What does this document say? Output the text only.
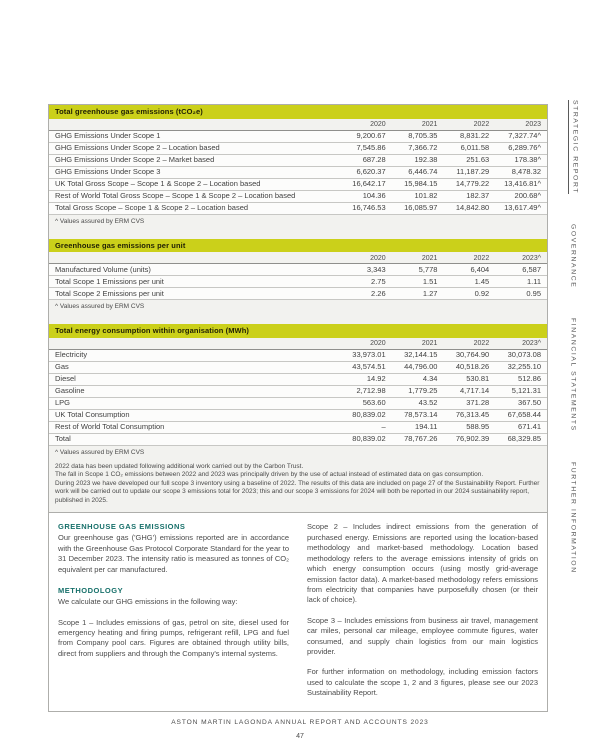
Total greenhouse gas emissions (tCO₂e)
	2020	2021	2022	2023
GHG Emissions Under Scope 1	9,200.67	8,705.35	8,831.22	7,327.74^
GHG Emissions Under Scope 2 – Location based	7,545.86	7,366.72	6,011.58	6,289.76^
GHG Emissions Under Scope 2 – Market based	687.28	192.38	251.63	178.38^
GHG Emissions Under Scope 3	6,620.37	6,446.74	11,187.29	8,478.32
UK Total Gross Scope – Scope 1 & Scope 2 – Location based	16,642.17	15,984.15	14,779.22	13,416.81^
Rest of World Total Gross Scope – Scope 1 & Scope 2 – Location based	104.36	101.82	182.37	200.68^
Total Gross Scope – Scope 1 & Scope 2 – Location based	16,746.53	16,085.97	14,842.80	13,617.49^
^ Values assured by ERM CVS
Greenhouse gas emissions per unit
	2020	2021	2022	2023^
Manufactured Volume (units)	3,343	5,778	6,404	6,587
Total Scope 1 Emissions per unit	2.75	1.51	1.45	1.11
Total Scope 2 Emissions per unit	2.26	1.27	0.92	0.95
^ Values assured by ERM CVS
Total energy consumption within organisation (MWh)
	2020	2021	2022	2023^
Electricity	33,973.01	32,144.15	30,764.90	30,073.08
Gas	43,574.51	44,796.00	40,518.26	32,255.10
Diesel	14.92	4.34	530.81	512.86
Gasoline	2,712.98	1,779.25	4,717.14	5,121.31
LPG	563.60	43.52	371.28	367.50
UK Total Consumption	80,839.02	78,573.14	76,313.45	67,658.44
Rest of World Total Consumption	–	194.11	588.95	671.41
Total	80,839.02	78,767.26	76,902.39	68,329.85
^ Values assured by ERM CVS
2022 data has been updated following additional work carried out by the Carbon Trust.
The fall in Scope 1 CO₂ emissions between 2022 and 2023 was principally driven by the use of actual instead of estimated data on gas consumption.
During 2023 we have developed our full scope 3 inventory using a baseline of 2022. The results of this data are included on page 27 of the Sustainability Report. Further work will be carried out to update our scope 3 emissions total for 2023; this and our scope 3 emissions for 2024 will both be reported in our 2024 sustainability report, published in 2025.
GREENHOUSE GAS EMISSIONS

Our greenhouse gas ('GHG') emissions reported are in accordance with the Greenhouse Gas Protocol Corporate Standard for the year to 31 December 2023. The intensity ratio is measured as tonnes of CO₂ equivalent per car manufactured.

METHODOLOGY

We calculate our GHG emissions in the following way:

Scope 1 – Includes emissions of gas, petrol on site, diesel used for emergency heating and firing pumps, refrigerant refill, LPG and fuel from Company pool cars. Figures are obtained through utility bills, direct from suppliers and through the Company's internal systems.

Scope 2 – Includes indirect emissions from the generation of purchased energy. Emissions are reported using the location-based methodology and market-based methodology. Location based methodology refers to the average emissions intensity of grids on which energy consumption occurs (using mostly grid-average emission factor data). A market-based methodology refers emissions from electricity that companies have purposefully chosen (or their lack of choice).

Scope 3 – Includes emissions from business air travel, management car miles, personal car mileage, employee commute figures, water consumed, and supply chain logistics from our main logistics provider.

For further information on methodology, including emission factors used to calculate the scope 1, 2 and 3 figures, please see our 2023 Sustainability Report.

STRATEGIC REPORT
GOVERNANCE
FINANCIAL STATEMENTS
FURTHER INFORMATION
ASTON MARTIN LAGONDA ANNUAL REPORT AND ACCOUNTS 2023
47
